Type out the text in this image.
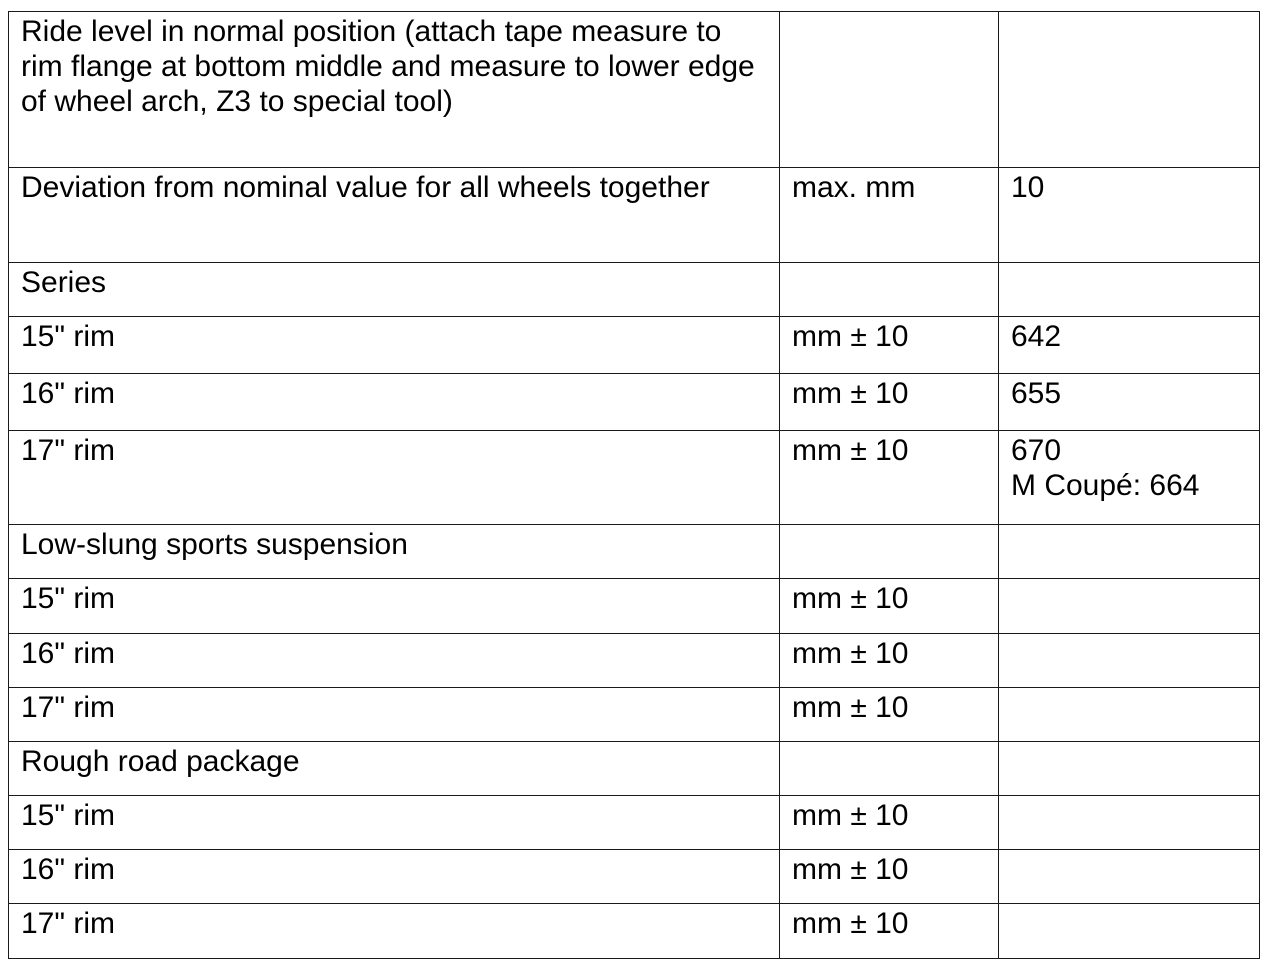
Ride level in normal position (attach tape measure to rim flange at bottom middle and measure to lower edge of wheel arch, Z3 to special tool)		

Deviation from nominal value for all wheels together	max. mm	10

Series		

15" rim	mm ± 10	642

16" rim	mm ± 10	655

17" rim	mm ± 10	670
M Coupé: 664

Low-slung sports suspension		

15" rim	mm ± 10	

16" rim	mm ± 10	

17" rim	mm ± 10	

Rough road package		

15" rim	mm ± 10	

16" rim	mm ± 10	

17" rim	mm ± 10	
